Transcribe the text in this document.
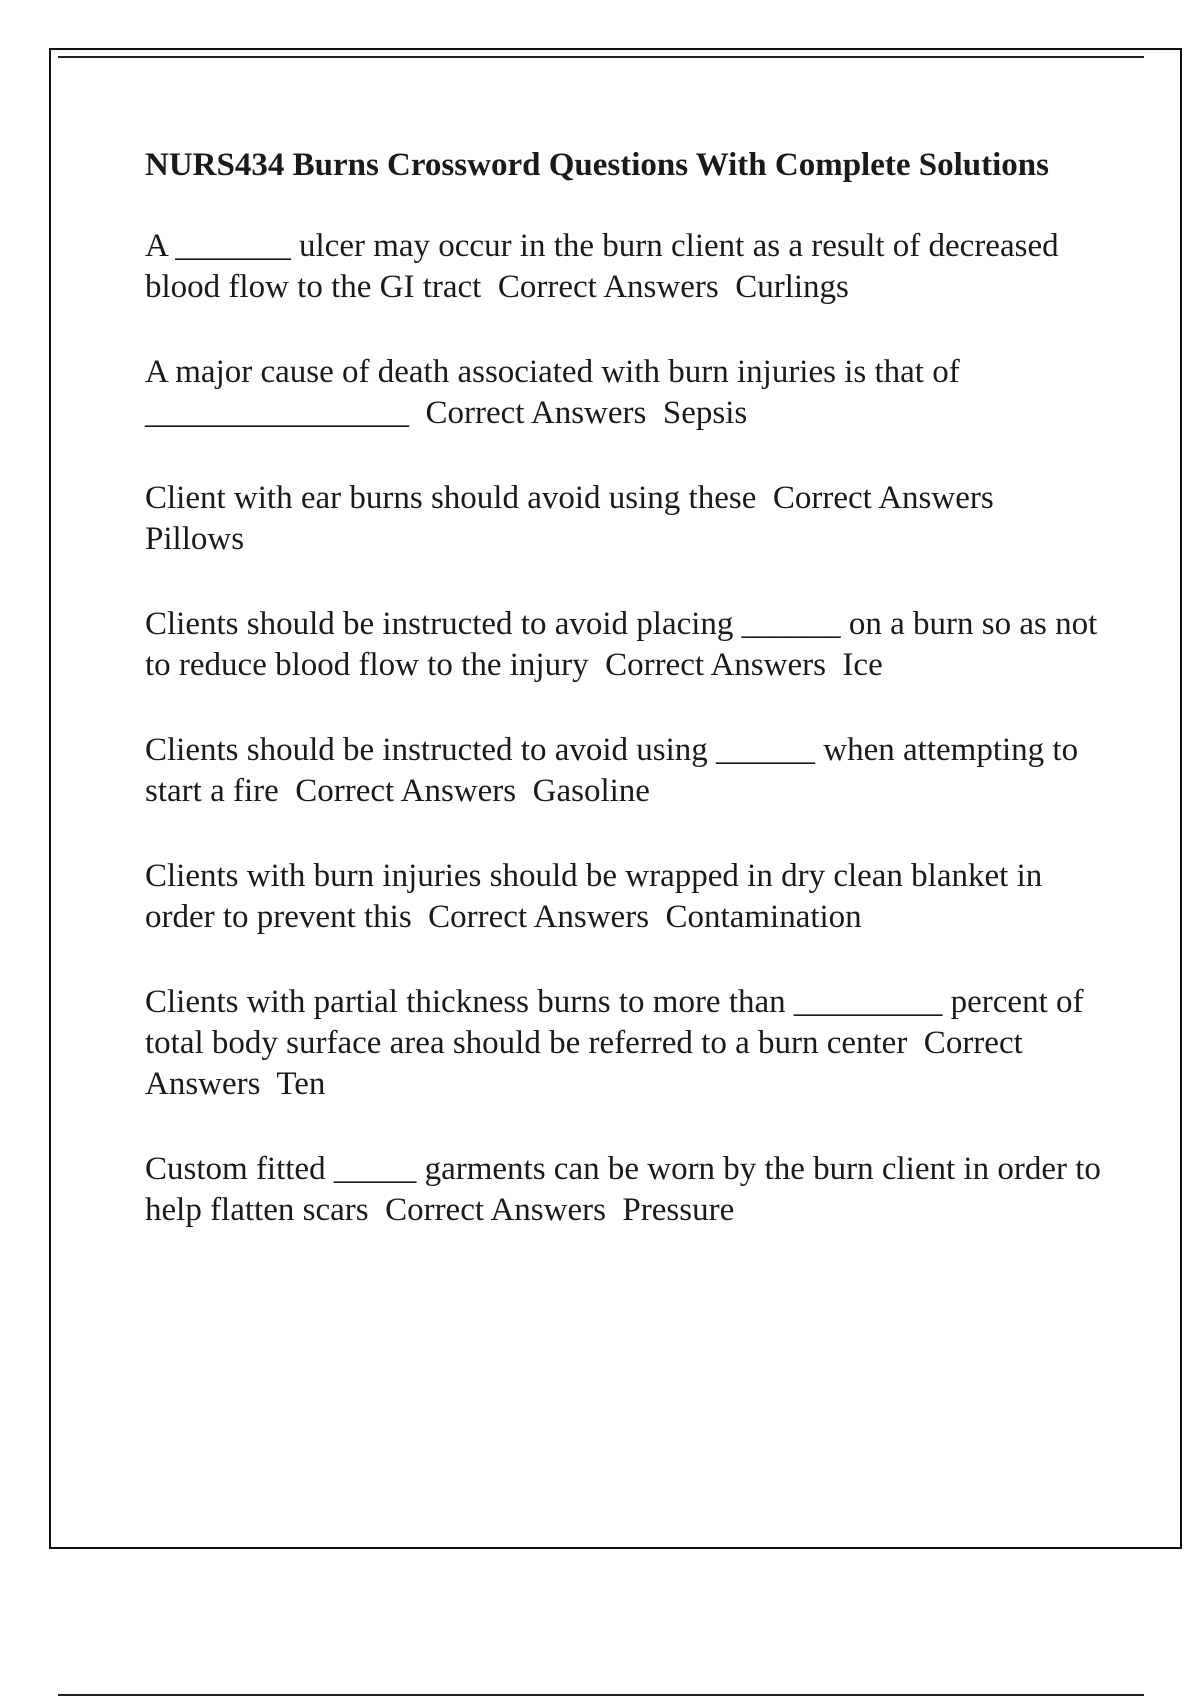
NURS434 Burns Crossword Questions With Complete Solutions
A _______ ulcer may occur in the burn client as a result of decreased blood flow to the GI tract  Correct Answers  Curlings
A major cause of death associated with burn injuries is that of ________________  Correct Answers  Sepsis
Client with ear burns should avoid using these  Correct Answers  Pillows
Clients should be instructed to avoid placing ______ on a burn so as not to reduce blood flow to the injury  Correct Answers  Ice
Clients should be instructed to avoid using ______ when attempting to start a fire  Correct Answers  Gasoline
Clients with burn injuries should be wrapped in dry clean blanket in order to prevent this  Correct Answers  Contamination
Clients with partial thickness burns to more than _________ percent of total body surface area should be referred to a burn center  Correct Answers  Ten
Custom fitted _____ garments can be worn by the burn client in order to help flatten scars  Correct Answers  Pressure
